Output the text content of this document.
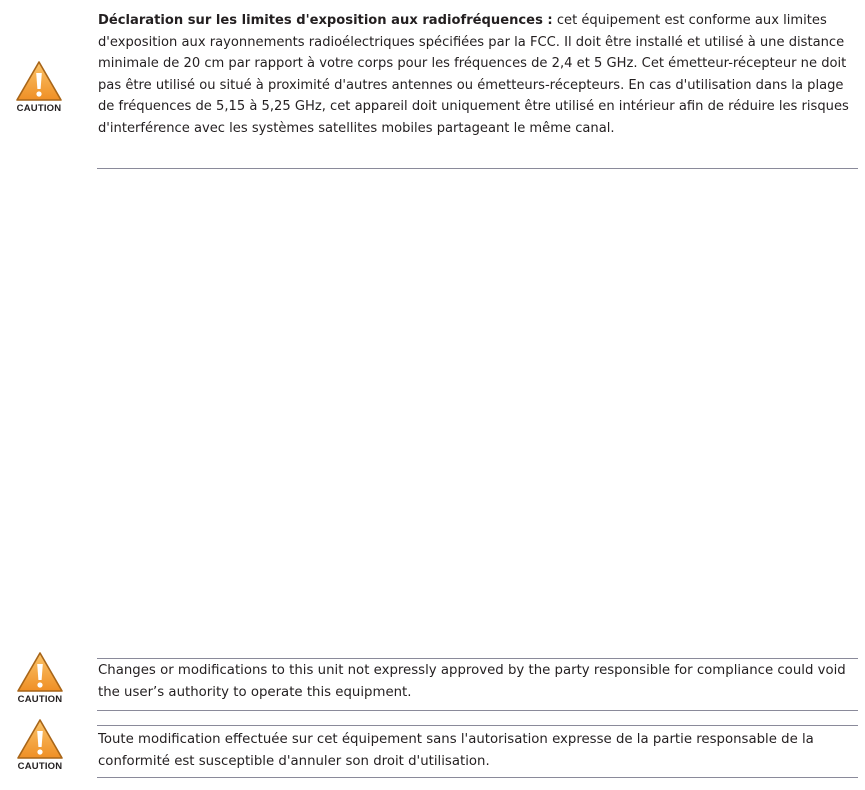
CAUTION
Déclaration sur les limites d'exposition aux radiofréquences : cet équipement est conforme aux limites d'exposition aux rayonnements radioélectriques spécifiées par la FCC. Il doit être installé et utilisé à une distance minimale de 20 cm par rapport à votre corps pour les fréquences de 2,4 et 5 GHz. Cet émetteur-récepteur ne doit pas être utilisé ou situé à proximité d'autres antennes ou émetteurs-récepteurs. En cas d'utilisation dans la plage de fréquences de 5,15 à 5,25 GHz, cet appareil doit uniquement être utilisé en intérieur afin de réduire les risques d'interférence avec les systèmes satellites mobiles partageant le même canal.
CAUTION
Changes or modifications to this unit not expressly approved by the party responsible for compliance could void the user’s authority to operate this equipment.
CAUTION
Toute modification effectuée sur cet équipement sans l'autorisation expresse de la partie responsable de la conformité est susceptible d'annuler son droit d'utilisation.
